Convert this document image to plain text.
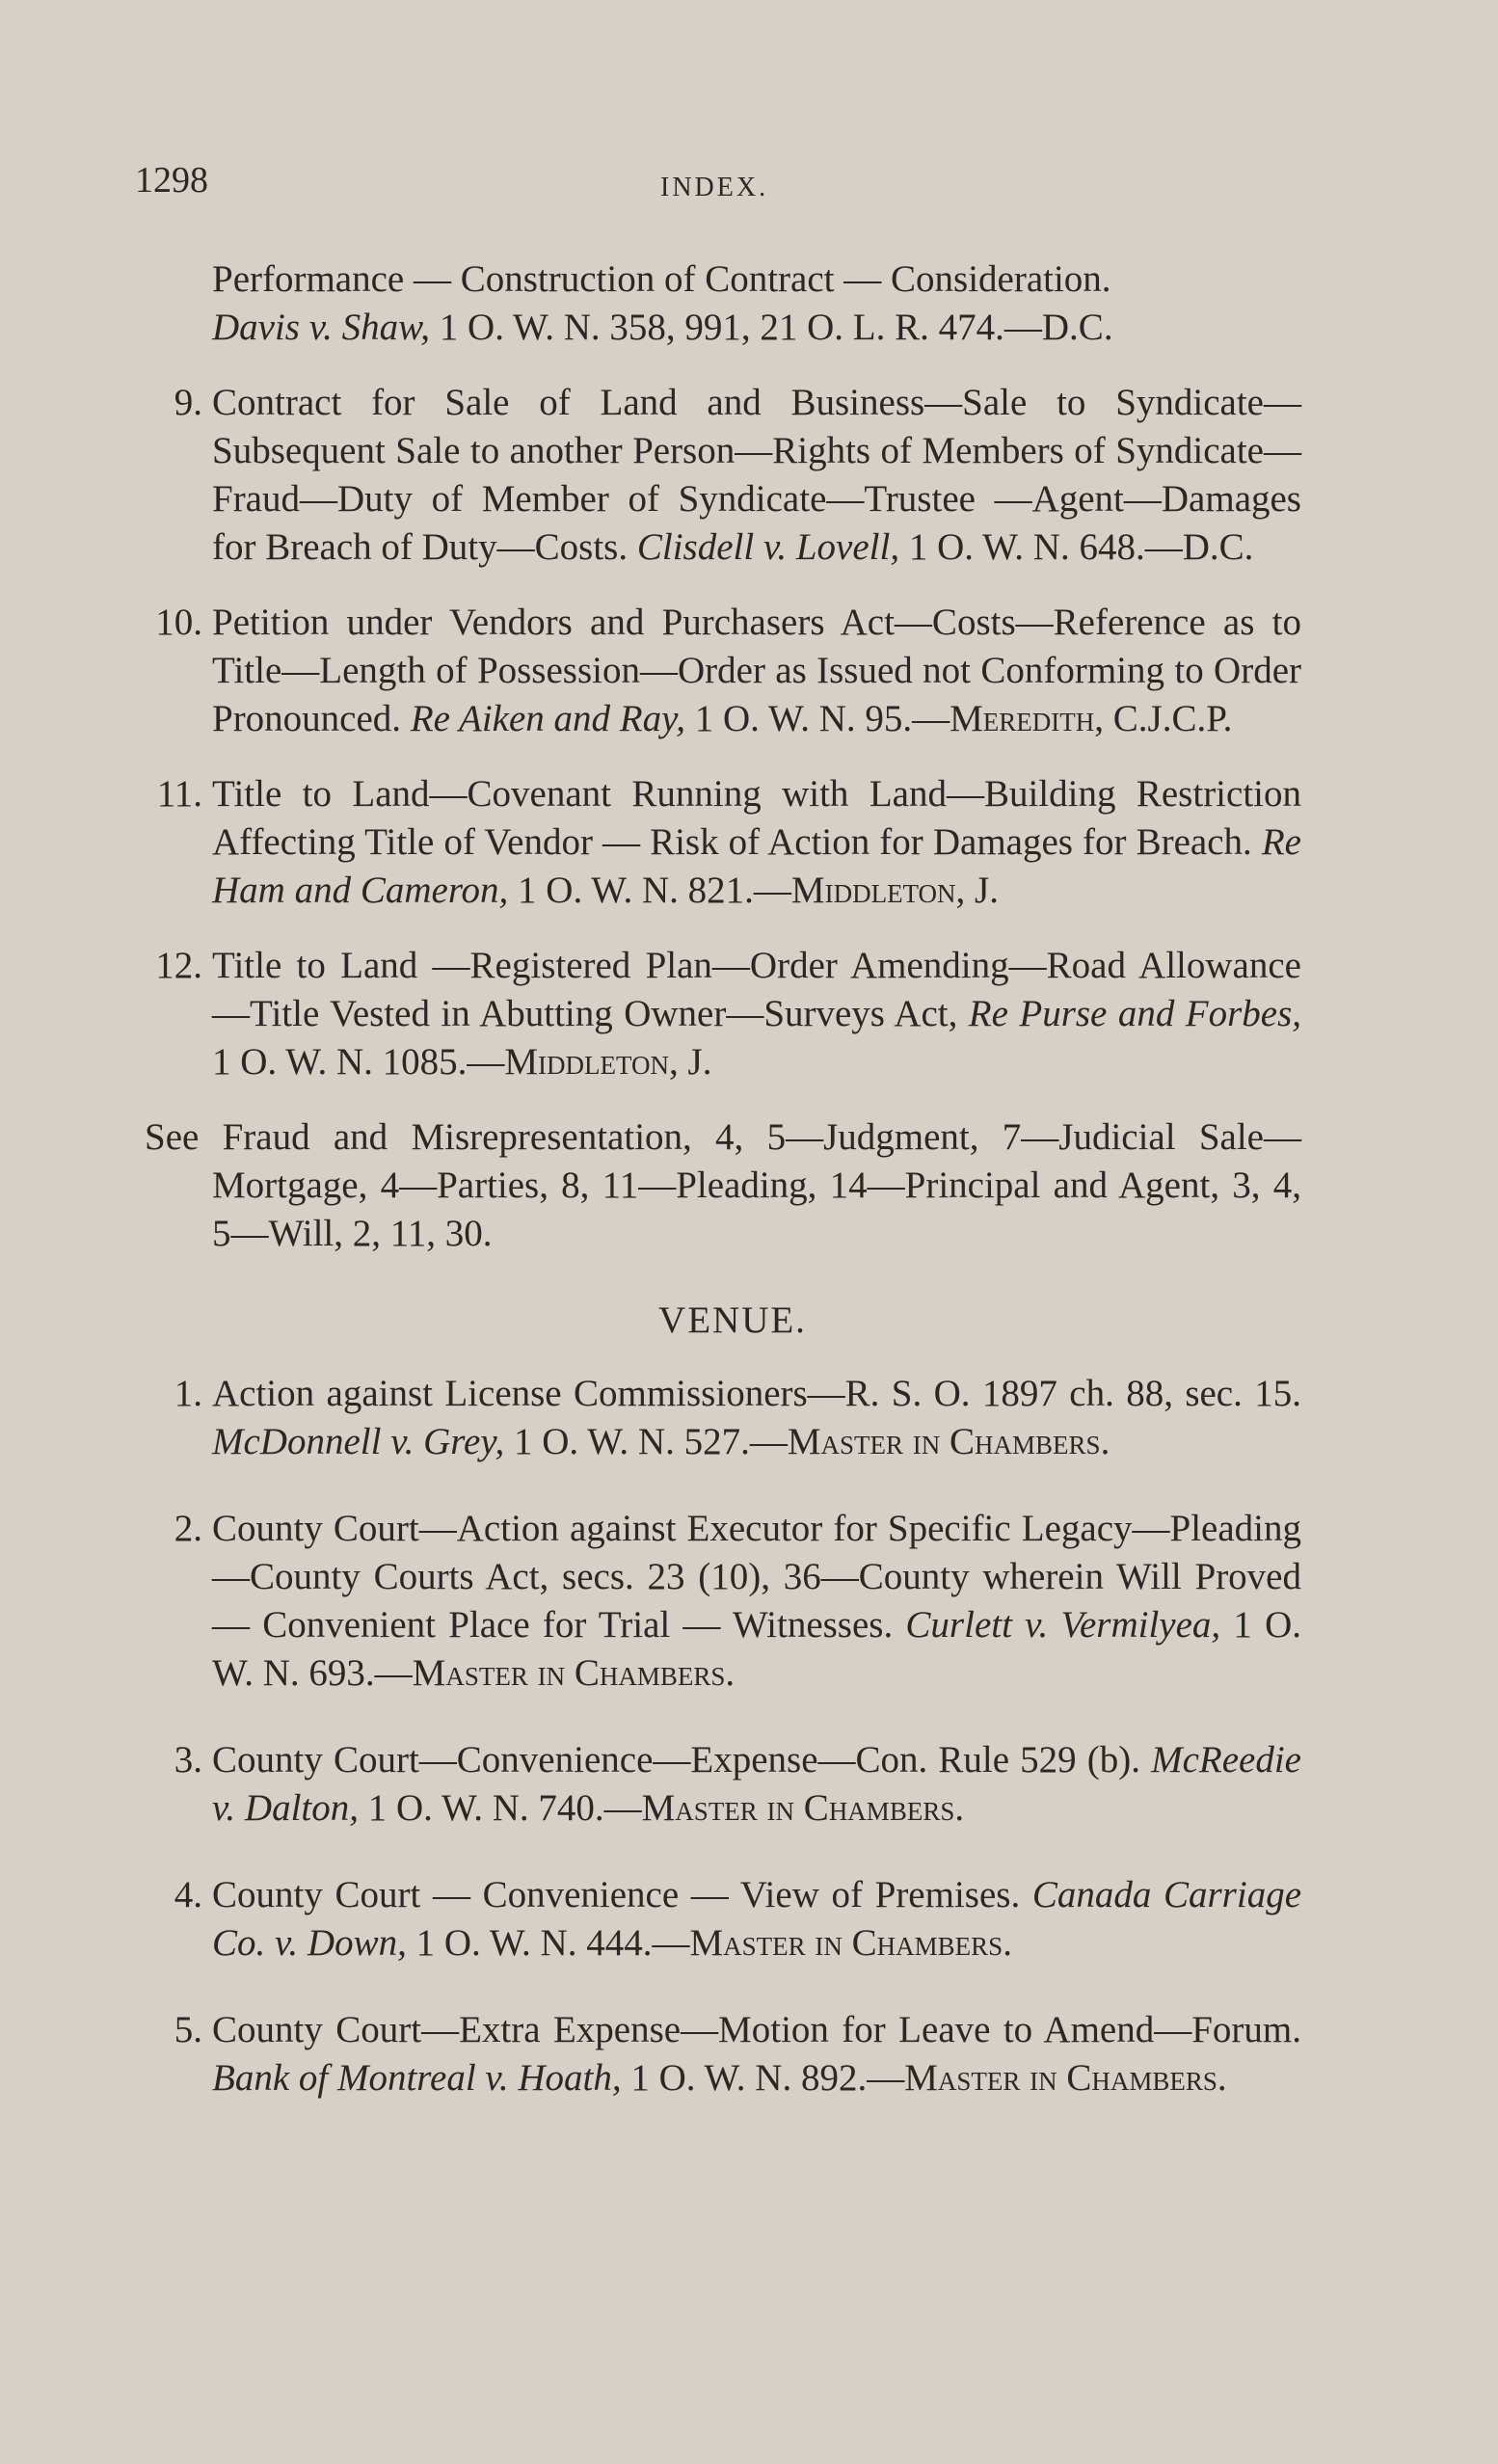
1298	INDEX.
Performance — Construction of Contract — Consideration.
Davis v. Shaw, 1 O. W. N. 358, 991, 21 O. L. R. 474.—D.C.
9. Contract for Sale of Land and Business—Sale to Syndicate—Subsequent Sale to another Person—Rights of Members of Syndicate—Fraud—Duty of Member of Syndicate—Trustee —Agent—Damages for Breach of Duty—Costs. Clisdell v. Lovell, 1 O. W. N. 648.—D.C.
10. Petition under Vendors and Purchasers Act—Costs—Reference as to Title—Length of Possession—Order as Issued not Conforming to Order Pronounced. Re Aiken and Ray, 1 O. W. N. 95.—Meredith, C.J.C.P.
11. Title to Land—Covenant Running with Land—Building Restriction Affecting Title of Vendor — Risk of Action for Damages for Breach. Re Ham and Cameron, 1 O. W. N. 821.—Middleton, J.
12. Title to Land —Registered Plan—Order Amending—Road Allowance—Title Vested in Abutting Owner—Surveys Act, Re Purse and Forbes, 1 O. W. N. 1085.—Middleton, J.
See Fraud and Misrepresentation, 4, 5—Judgment, 7—Judicial Sale—Mortgage, 4—Parties, 8, 11—Pleading, 14—Principal and Agent, 3, 4, 5—Will, 2, 11, 30.
VENUE.
1. Action against License Commissioners—R. S. O. 1897 ch. 88, sec. 15. McDonnell v. Grey, 1 O. W. N. 527.—Master in Chambers.
2. County Court—Action against Executor for Specific Legacy—Pleading—County Courts Act, secs. 23 (10), 36—County wherein Will Proved — Convenient Place for Trial — Witnesses. Curlett v. Vermilyea, 1 O. W. N. 693.—Master in Chambers.
3. County Court—Convenience—Expense—Con. Rule 529 (b). McReedie v. Dalton, 1 O. W. N. 740.—Master in Chambers.
4. County Court — Convenience — View of Premises. Canada Carriage Co. v. Down, 1 O. W. N. 444.—Master in Chambers.
5. County Court—Extra Expense—Motion for Leave to Amend—Forum. Bank of Montreal v. Hoath, 1 O. W. N. 892.—Master in Chambers.
